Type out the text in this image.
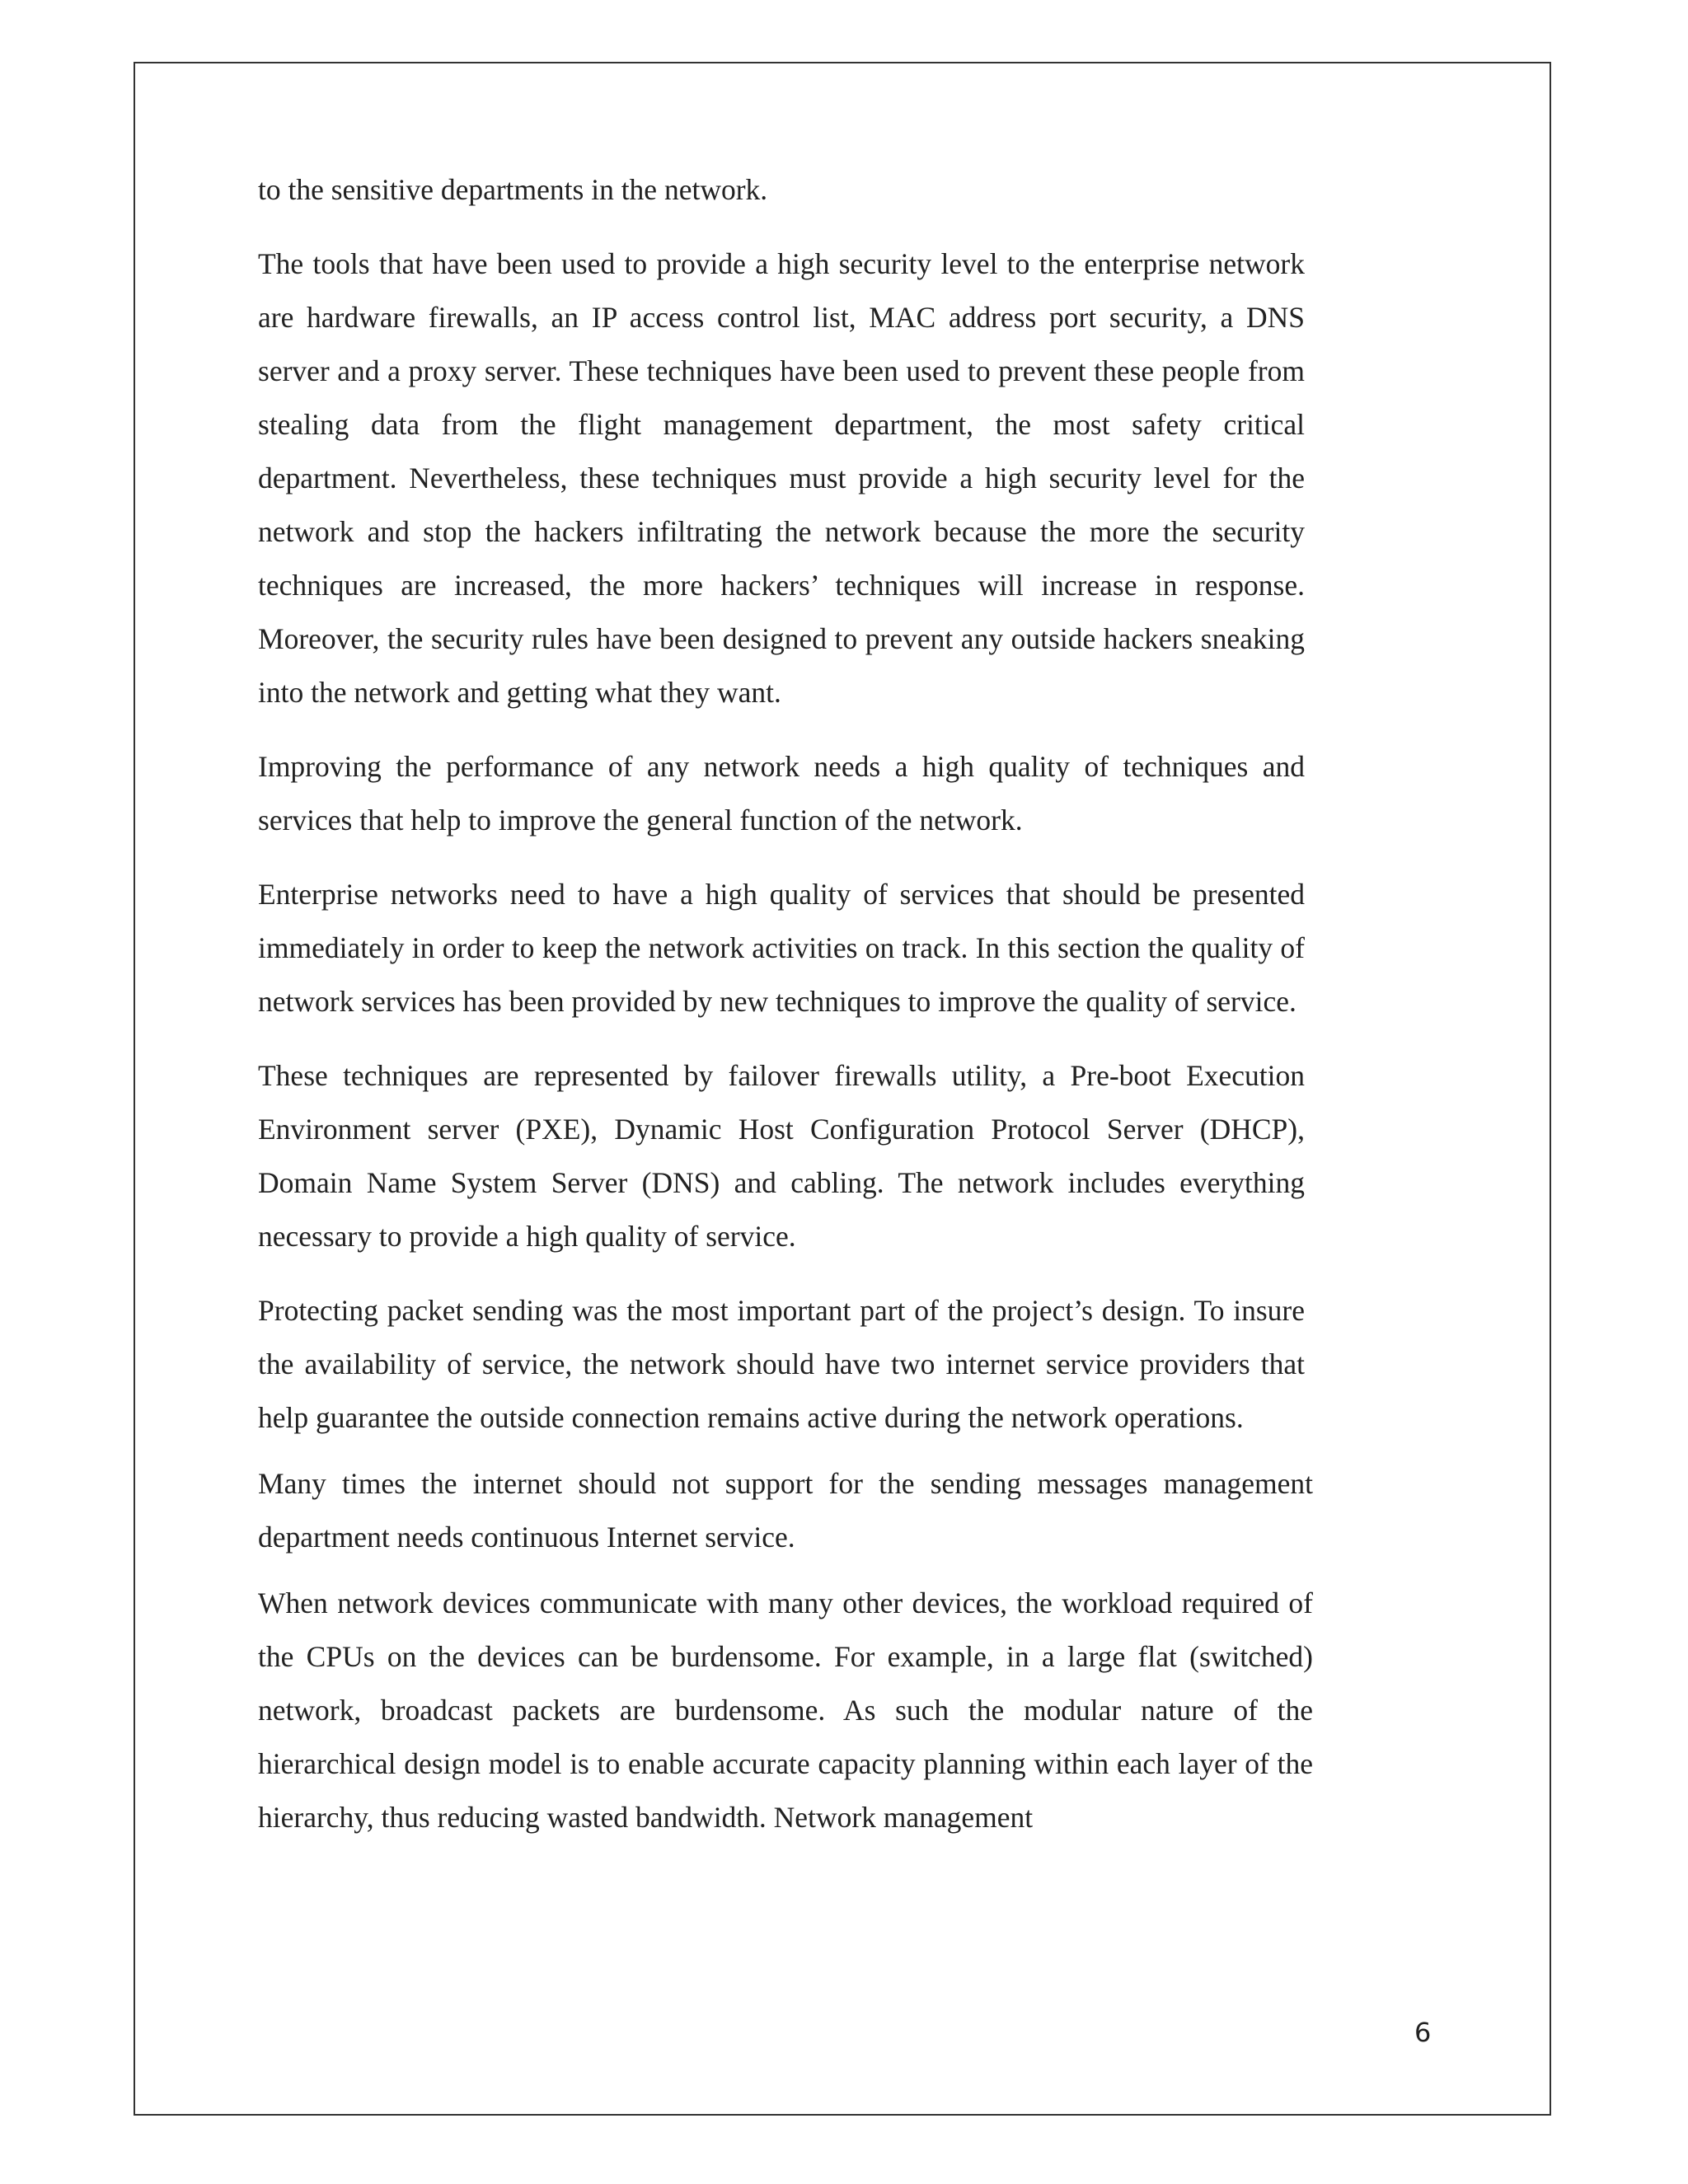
to the sensitive departments in the network.

The tools that have been used to provide a high security level to the enterprise network are hardware firewalls, an IP access control list, MAC address port security, a DNS server and a proxy server. These techniques have been used to prevent these people from stealing data from the flight management department, the most safety critical department. Nevertheless, these techniques must provide a high security level for the network and stop the hackers infiltrating the network because the more the security techniques are increased, the more hackers’ techniques will increase in response. Moreover, the security rules have been designed to prevent any outside hackers sneaking into the network and getting what they want.

Improving the performance of any network needs a high quality of techniques and services that help to improve the general function of the network.

Enterprise networks need to have a high quality of services that should be presented immediately in order to keep the network activities on track. In this section the quality of network services has been provided by new techniques to improve the quality of service.

These techniques are represented by failover firewalls utility, a Pre-boot Execution Environment server (PXE), Dynamic Host Configuration Protocol Server (DHCP), Domain Name System Server (DNS) and cabling. The network includes everything necessary to provide a high quality of service.

Protecting packet sending was the most important part of the project’s design. To insure the availability of service, the network should have two internet service providers that help guarantee the outside connection remains active during the network operations.

Many times the internet should not support for the sending messages management department needs continuous Internet service.

When network devices communicate with many other devices, the workload required of the CPUs on the devices can be burdensome. For example, in a large flat (switched) network, broadcast packets are burdensome. As such the modular nature of the hierarchical design model is to enable accurate capacity planning within each layer of the hierarchy, thus reducing wasted bandwidth. Network management

6
